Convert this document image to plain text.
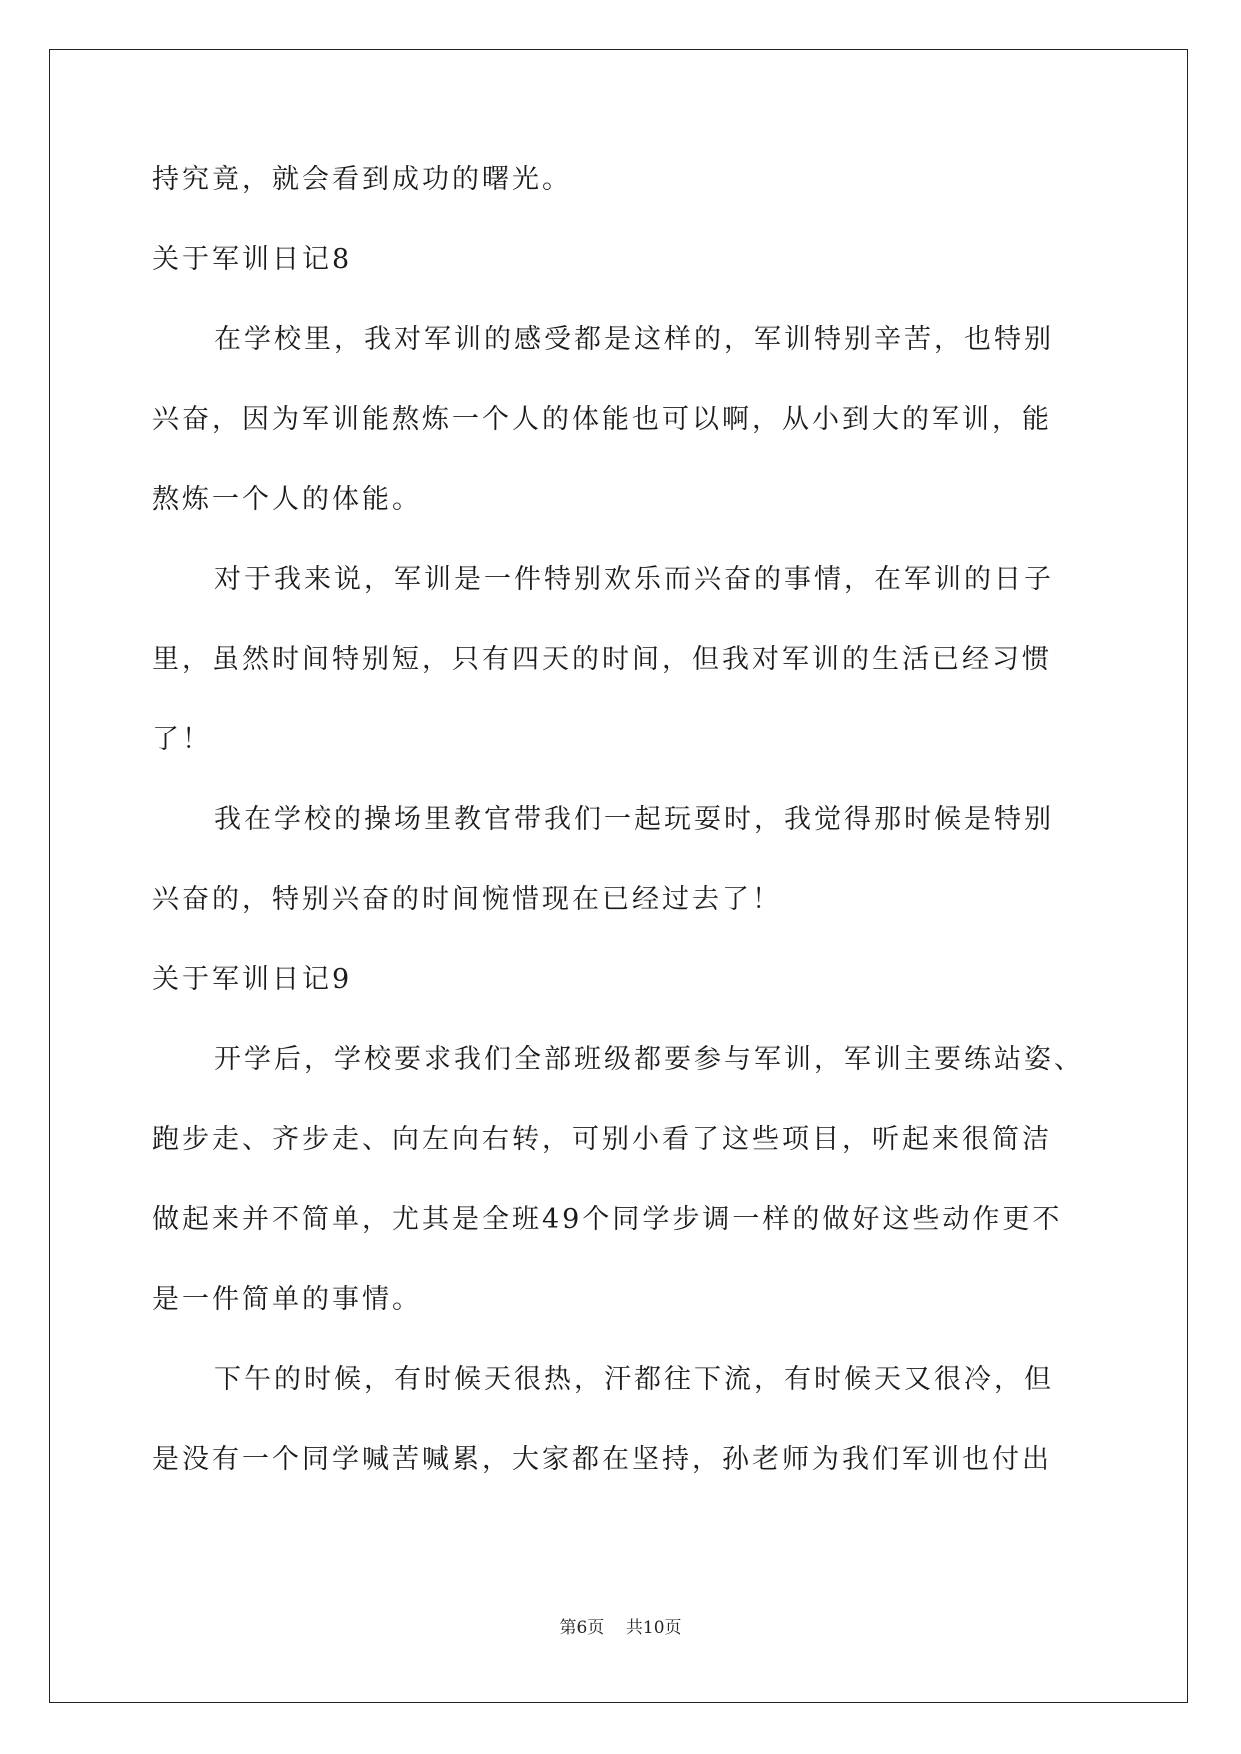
持究竟，就会看到成功的曙光。
关于军训日记8
在学校里，我对军训的感受都是这样的，军训特别辛苦，也特别
兴奋，因为军训能熬炼一个人的体能也可以啊，从小到大的军训，能
熬炼一个人的体能。
对于我来说，军训是一件特别欢乐而兴奋的事情，在军训的日子
里，虽然时间特别短，只有四天的时间，但我对军训的生活已经习惯
了！
我在学校的操场里教官带我们一起玩耍时，我觉得那时候是特别
兴奋的，特别兴奋的时间惋惜现在已经过去了！
关于军训日记9
开学后，学校要求我们全部班级都要参与军训，军训主要练站姿、
跑步走、齐步走、向左向右转，可别小看了这些项目，听起来很简洁
做起来并不简单，尤其是全班49个同学步调一样的做好这些动作更不
是一件简单的事情。
下午的时候，有时候天很热，汗都往下流，有时候天又很冷，但
是没有一个同学喊苦喊累，大家都在坚持，孙老师为我们军训也付出
第6页    共10页
